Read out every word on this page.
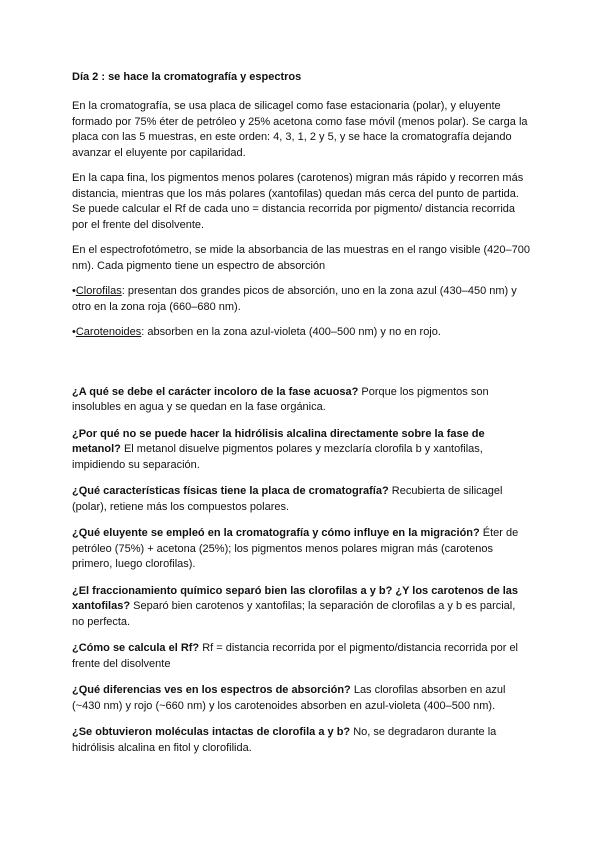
Día 2 : se hace la cromatografía y espectros

En la cromatografía, se usa placa de silicagel como fase estacionaria (polar), y eluyente formado por 75% éter de petróleo y 25% acetona como fase móvil (menos polar). Se carga la placa con las 5 muestras, en este orden: 4, 3, 1, 2 y 5, y se hace la cromatografía dejando avanzar el eluyente por capilaridad.

En la capa fina, los pigmentos menos polares (carotenos) migran más rápido y recorren más distancia, mientras que los más polares (xantofilas) quedan más cerca del punto de partida. Se puede calcular el Rf de cada uno = distancia recorrida por pigmento/ distancia recorrida por el frente del disolvente.

En el espectrofotómetro, se mide la absorbancia de las muestras en el rango visible (420–700 nm). Cada pigmento tiene un espectro de absorción

•Clorofilas: presentan dos grandes picos de absorción, uno en la zona azul (430–450 nm) y otro en la zona roja (660–680 nm).

•Carotenoides: absorben en la zona azul-violeta (400–500 nm) y no en rojo.

¿A qué se debe el carácter incoloro de la fase acuosa? Porque los pigmentos son insolubles en agua y se quedan en la fase orgánica.
¿Por qué no se puede hacer la hidrólisis alcalina directamente sobre la fase de metanol? El metanol disuelve pigmentos polares y mezclaría clorofila b y xantofilas, impidiendo su separación.
¿Qué características físicas tiene la placa de cromatografía? Recubierta de silicagel (polar), retiene más los compuestos polares.
¿Qué eluyente se empleó en la cromatografía y cómo influye en la migración? Éter de petróleo (75%) + acetona (25%); los pigmentos menos polares migran más (carotenos primero, luego clorofilas).
¿El fraccionamiento químico separó bien las clorofilas a y b? ¿Y los carotenos de las xantofilas? Separó bien carotenos y xantofilas; la separación de clorofilas a y b es parcial, no perfecta.
¿Cómo se calcula el Rf? Rf = distancia recorrida por el pigmento/distancia recorrida por el frente del disolvente
¿Qué diferencias ves en los espectros de absorción? Las clorofilas absorben en azul (~430 nm) y rojo (~660 nm) y los carotenoides absorben en azul-violeta (400–500 nm).
¿Se obtuvieron moléculas intactas de clorofila a y b? No, se degradaron durante la hidrólisis alcalina en fitol y clorofilida.
